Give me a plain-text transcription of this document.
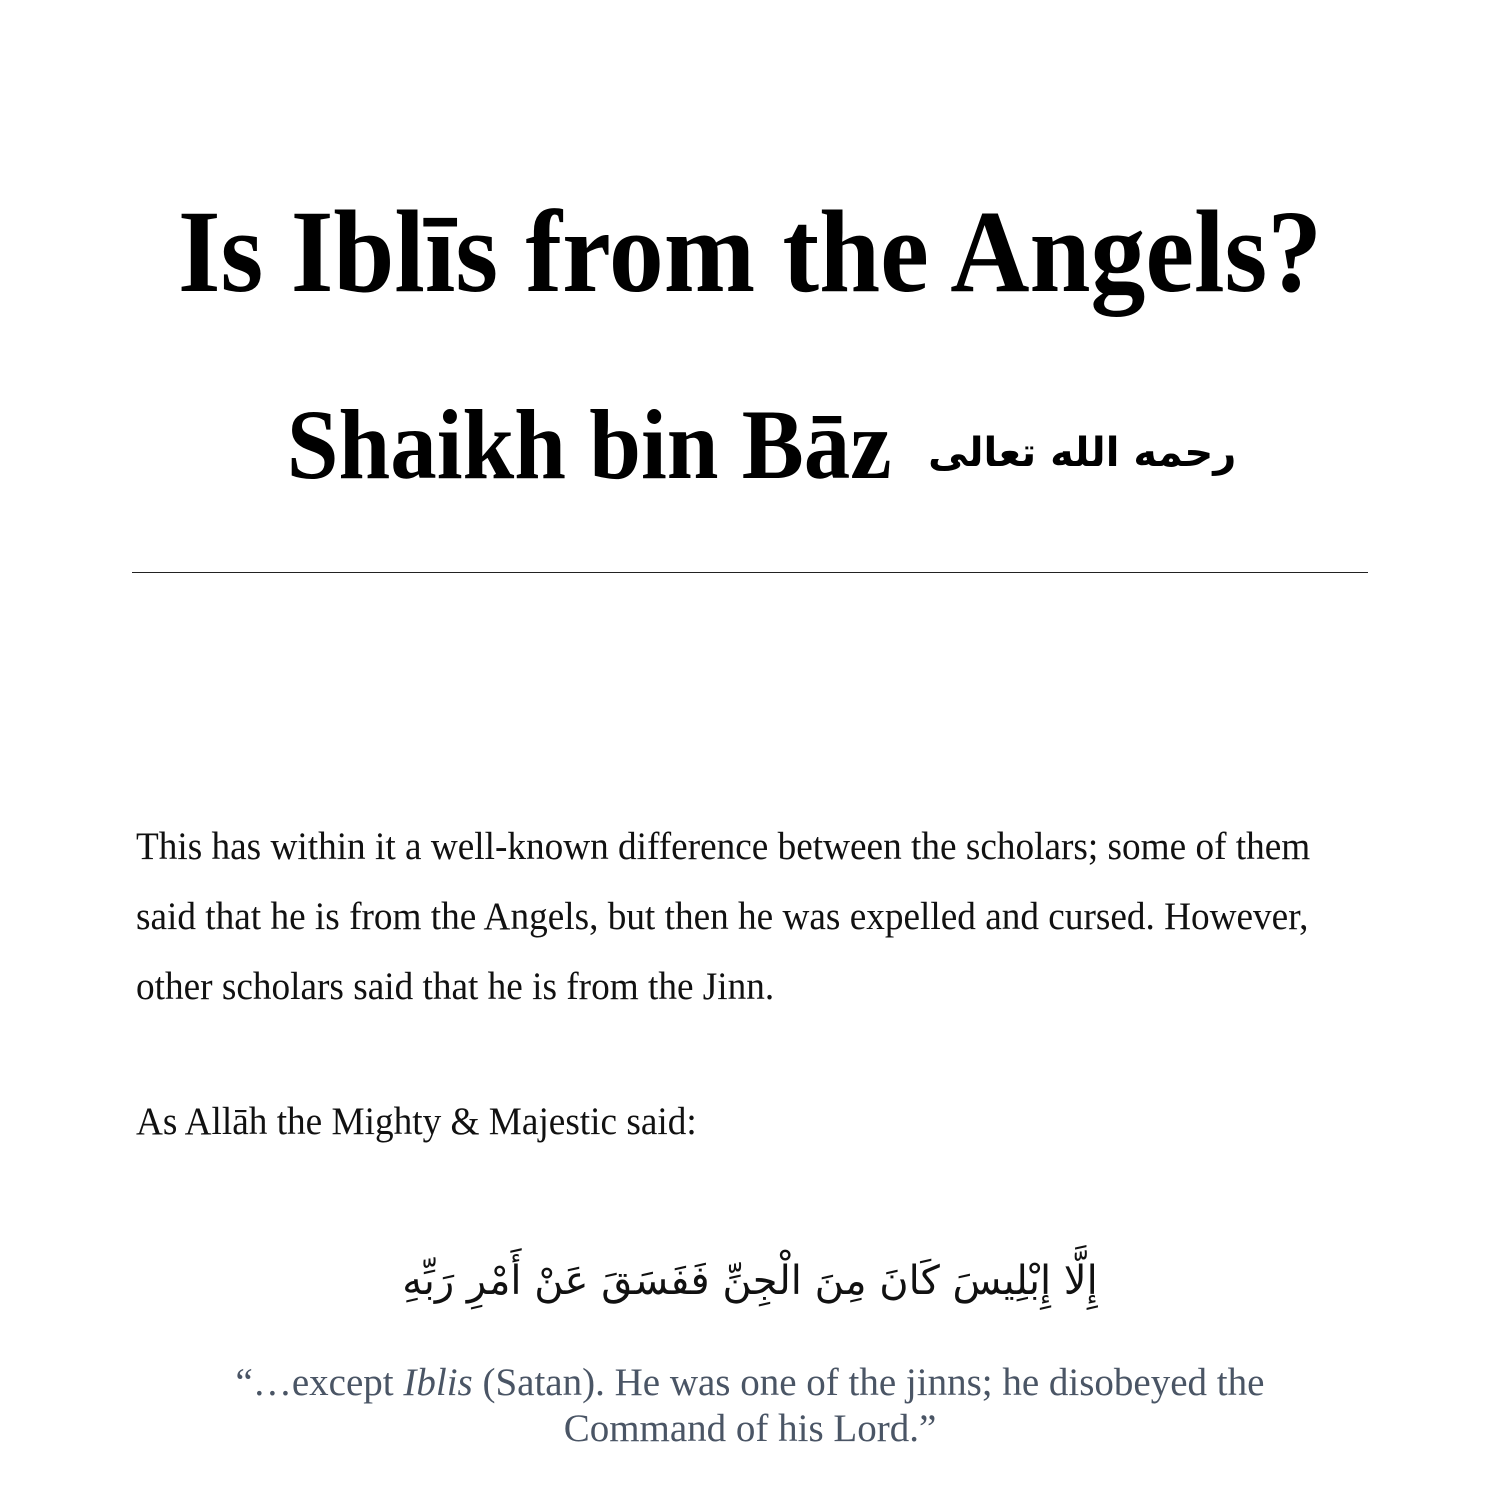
Is Iblīs from the Angels?
Shaikh bin Bāz رحمه الله تعالى

This has within it a well-known difference between the scholars; some of them said that he is from the Angels, but then he was expelled and cursed. However, other scholars said that he is from the Jinn.

As Allāh the Mighty & Majestic said:

إِلَّا إِبْلِيسَ كَانَ مِنَ الْجِنِّ فَفَسَقَ عَنْ أَمْرِ رَبِّهِ

“…except Iblis (Satan). He was one of the jinns; he disobeyed the Command of his Lord.”
